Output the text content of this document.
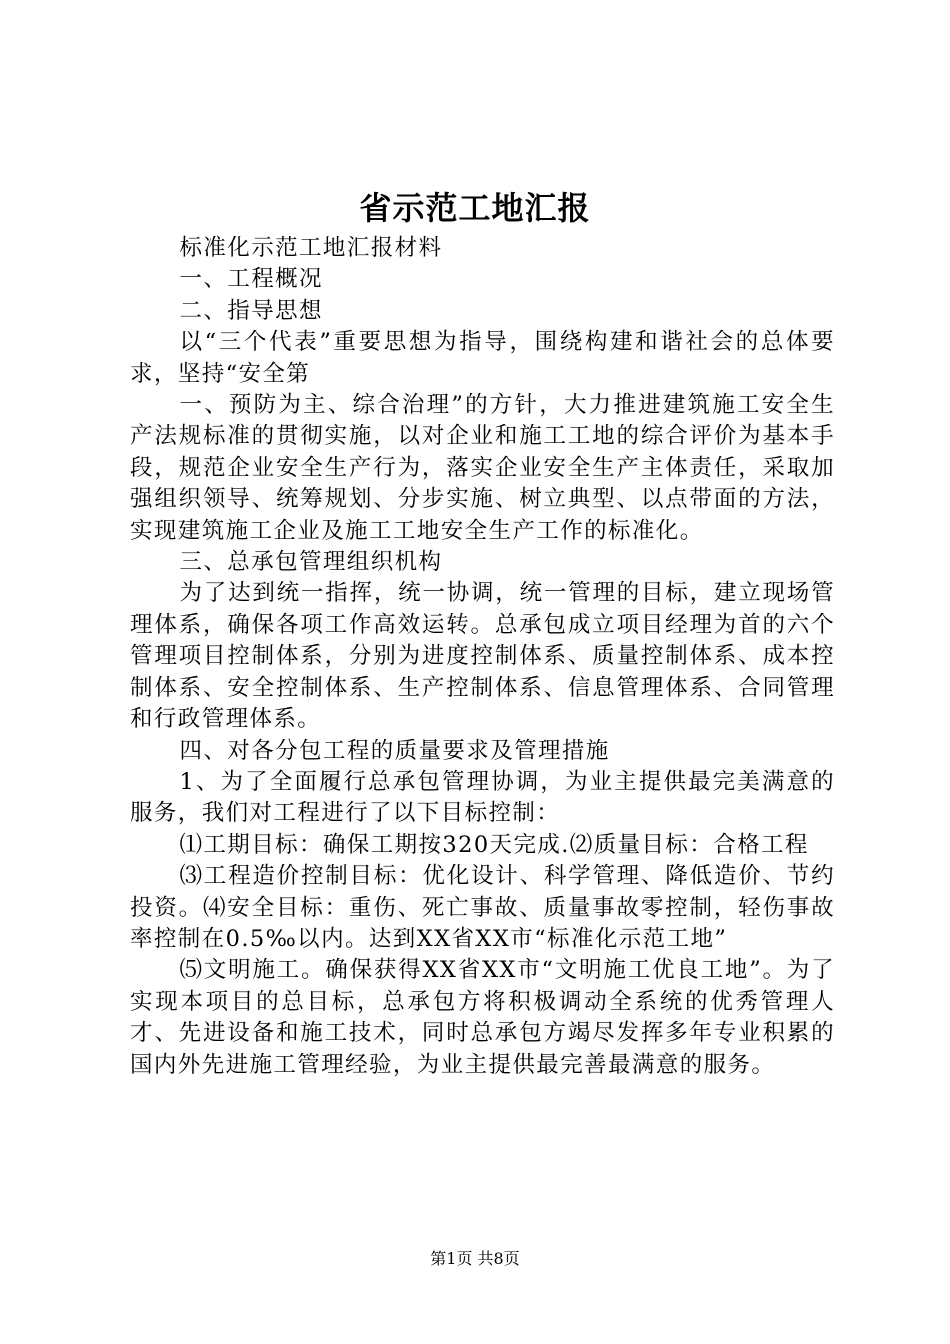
省示范工地汇报

标准化示范工地汇报材料

一、工程概况

二、指导思想

以“三个代表”重要思想为指导，围绕构建和谐社会的总体要求，坚持“安全第

一、预防为主、综合治理”的方针，大力推进建筑施工安全生产法规标准的贯彻实施，以对企业和施工工地的综合评价为基本手段，规范企业安全生产行为，落实企业安全生产主体责任，采取加强组织领导、统筹规划、分步实施、树立典型、以点带面的方法，实现建筑施工企业及施工工地安全生产工作的标准化。

三、总承包管理组织机构

为了达到统一指挥，统一协调，统一管理的目标，建立现场管理体系，确保各项工作高效运转。总承包成立项目经理为首的六个管理项目控制体系，分别为进度控制体系、质量控制体系、成本控制体系、安全控制体系、生产控制体系、信息管理体系、合同管理和行政管理体系。

四、对各分包工程的质量要求及管理措施

1、为了全面履行总承包管理协调，为业主提供最完美满意的服务，我们对工程进行了以下目标控制：

⑴工期目标：确保工期按320天完成.⑵质量目标：合格工程

⑶工程造价控制目标：优化设计、科学管理、降低造价、节约投资。⑷安全目标：重伤、死亡事故、质量事故零控制，轻伤事故率控制在0.5‰以内。达到XX省XX市“标准化示范工地”

⑸文明施工。确保获得XX省XX市“文明施工优良工地”。为了实现本项目的总目标，总承包方将积极调动全系统的优秀管理人才、先进设备和施工技术，同时总承包方竭尽发挥多年专业积累的国内外先进施工管理经验，为业主提供最完善最满意的服务。

第1页 共8页
